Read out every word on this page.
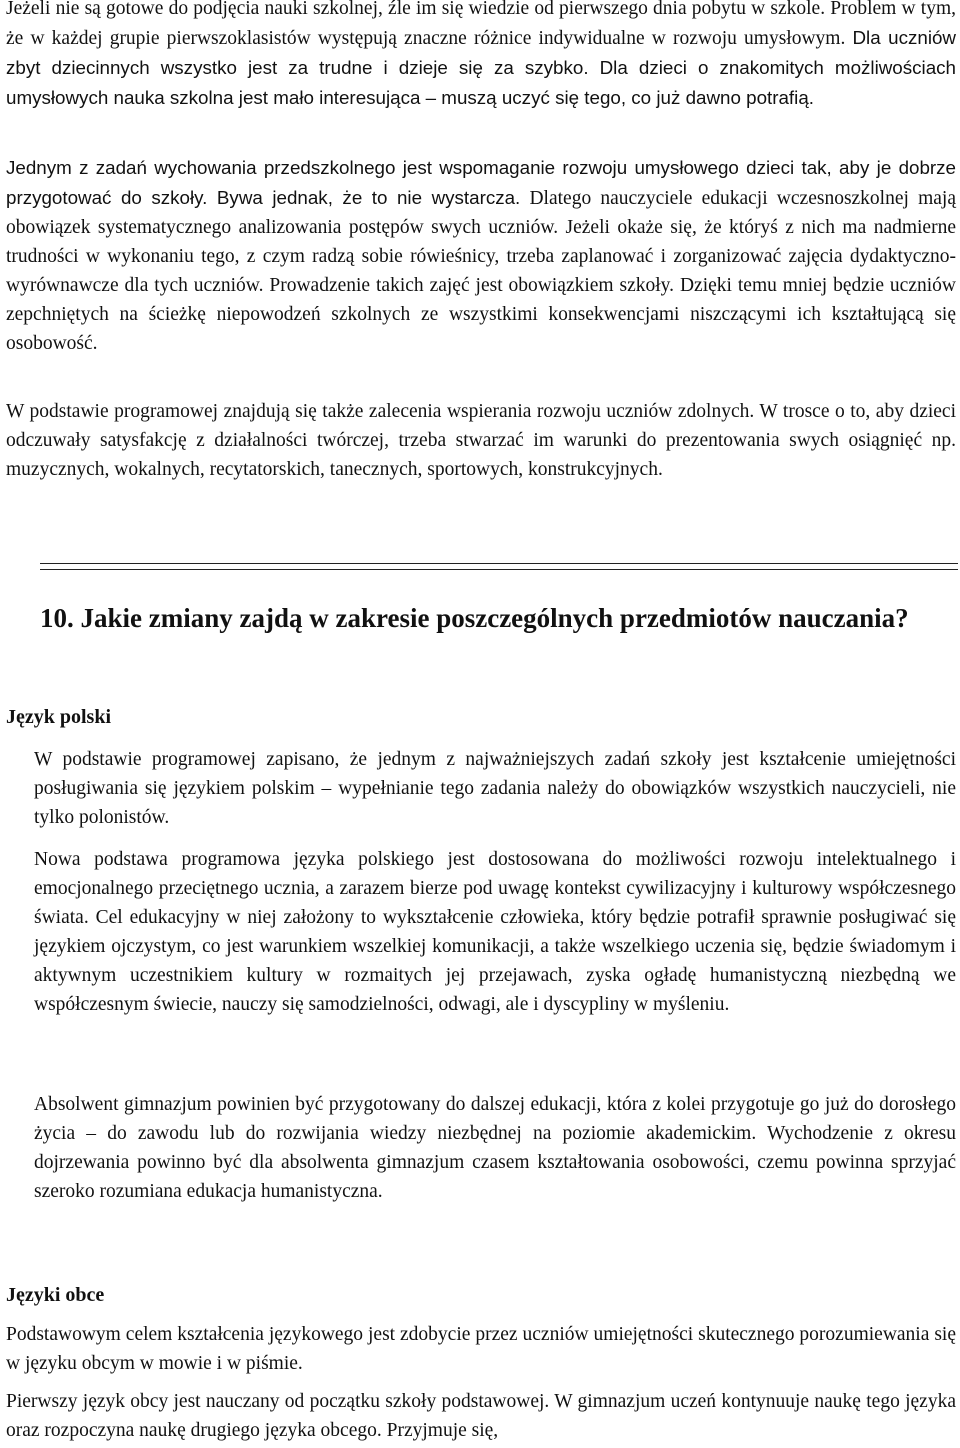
Jeżeli nie są gotowe do podjęcia nauki szkolnej, źle im się wiedzie od pierwszego dnia pobytu w szkole. Problem w tym, że w każdej grupie pierwszoklasistów występują znaczne różnice indywidualne w rozwoju umysłowym. Dla uczniów zbyt dziecinnych wszystko jest za trudne i dzieje się za szybko. Dla dzieci o znakomitych możliwościach umysłowych nauka szkolna jest mało interesująca – muszą uczyć się tego, co już dawno potrafią.

Jednym z zadań wychowania przedszkolnego jest wspomaganie rozwoju umysłowego dzieci tak, aby je dobrze przygotować do szkoły. Bywa jednak, że to nie wystarcza. Dlatego nauczyciele edukacji wczesnoszkolnej mają obowiązek systematycznego analizowania postępów swych uczniów. Jeżeli okaże się, że któryś z nich ma nadmierne trudności w wykonaniu tego, z czym radzą sobie rówieśnicy, trzeba zaplanować i zorganizować zajęcia dydaktyczno-wyrównawcze dla tych uczniów. Prowadzenie takich zajęć jest obowiązkiem szkoły. Dzięki temu mniej będzie uczniów zepchniętych na ścieżkę niepowodzeń szkolnych ze wszystkimi konsekwencjami niszczącymi ich kształtującą się osobowość.

W podstawie programowej znajdują się także zalecenia wspierania rozwoju uczniów zdolnych. W trosce o to, aby dzieci odczuwały satysfakcję z działalności twórczej, trzeba stwarzać im warunki do prezentowania swych osiągnięć np. muzycznych, wokalnych, recytatorskich, tanecznych, sportowych, konstrukcyjnych.

10. Jakie zmiany zajdą w zakresie poszczególnych przedmiotów nauczania?
Język polski

W podstawie programowej zapisano, że jednym z najważniejszych zadań szkoły jest kształcenie umiejętności posługiwania się językiem polskim – wypełnianie tego zadania należy do obowiązków wszystkich nauczycieli, nie tylko polonistów.

Nowa podstawa programowa języka polskiego jest dostosowana do możliwości rozwoju intelektualnego i emocjonalnego przeciętnego ucznia, a zarazem bierze pod uwagę kontekst cywilizacyjny i kulturowy współczesnego świata. Cel edukacyjny w niej założony to wykształcenie człowieka, który będzie potrafił sprawnie posługiwać się językiem ojczystym, co jest warunkiem wszelkiej komunikacji, a także wszelkiego uczenia się, będzie świadomym i aktywnym uczestnikiem kultury w rozmaitych jej przejawach, zyska ogładę humanistyczną niezbędną we współczesnym świecie, nauczy się samodzielności, odwagi, ale i dyscypliny w myśleniu.

Absolwent gimnazjum powinien być przygotowany do dalszej edukacji, która z kolei przygotuje go już do dorosłego życia – do zawodu lub do rozwijania wiedzy niezbędnej na poziomie akademickim. Wychodzenie z okresu dojrzewania powinno być dla absolwenta gimnazjum czasem kształtowania osobowości, czemu powinna sprzyjać szeroko rozumiana edukacja humanistyczna.

Języki obce

Podstawowym celem kształcenia językowego jest zdobycie przez uczniów umiejętności skutecznego porozumiewania się w języku obcym w mowie i w piśmie.

Pierwszy język obcy jest nauczany od początku szkoły podstawowej. W gimnazjum uczeń kontynuuje naukę tego języka oraz rozpoczyna naukę drugiego języka obcego. Przyjmuje się,
